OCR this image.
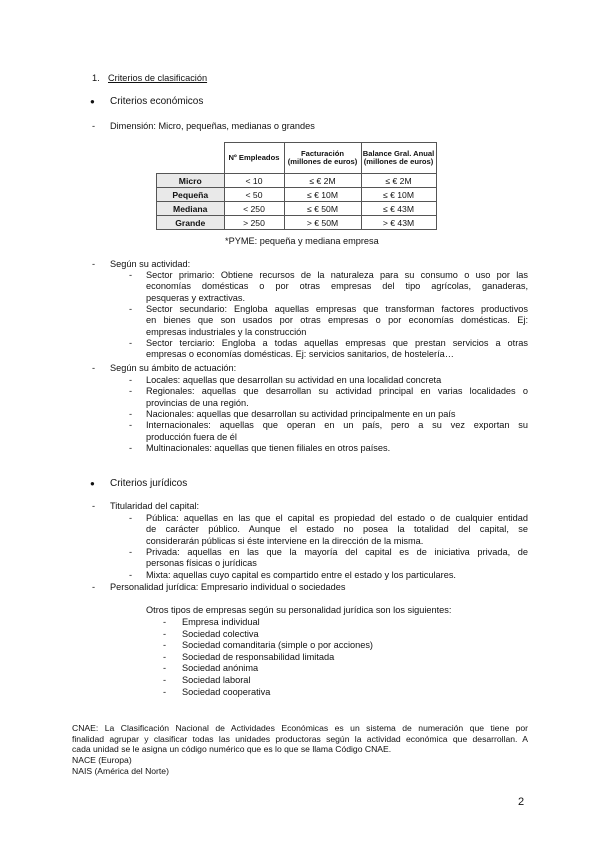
1. Criterios de clasificación
● Criterios económicos
- Dimensión: Micro, pequeñas, medianas o grandes
	Nº Empleados	Facturación (millones de euros)	Balance Gral. Anual (millones de euros)
Micro	< 10	≤ € 2M	≤ € 2M
Pequeña	< 50	≤ € 10M	≤ € 10M
Mediana	< 250	≤ € 50M	≤ € 43M
Grande	> 250	> € 50M	> € 43M
*PYME: pequeña y mediana empresa
- Según su actividad:
- Sector primario: Obtiene recursos de la naturaleza para su consumo o uso por las
economías domésticas o por otras empresas del tipo agrícolas, ganaderas,
pesqueras y extractivas.
- Sector secundario: Engloba aquellas empresas que transforman factores productivos
en bienes que son usados por otras empresas o por economías domésticas. Ej:
empresas industriales y la construcción
- Sector terciario: Engloba a todas aquellas empresas que prestan servicios a otras
empresas o economías domésticas. Ej: servicios sanitarios, de hostelería…
- Según su ámbito de actuación:
- Locales: aquellas que desarrollan su actividad en una localidad concreta
- Regionales: aquellas que desarrollan su actividad principal en varias localidades o
provincias de una región.
- Nacionales: aquellas que desarrollan su actividad principalmente en un país
- Internacionales: aquellas que operan en un país, pero a su vez exportan su
producción fuera de él
- Multinacionales: aquellas que tienen filiales en otros países.
● Criterios jurídicos
- Titularidad del capital:
- Pública: aquellas en las que el capital es propiedad del estado o de cualquier entidad
de carácter público. Aunque el estado no posea la totalidad del capital, se
considerarán públicas si éste interviene en la dirección de la misma.
- Privada: aquellas en las que la mayoría del capital es de iniciativa privada, de
personas físicas o jurídicas
- Mixta: aquellas cuyo capital es compartido entre el estado y los particulares.
- Personalidad jurídica: Empresario individual o sociedades
Otros tipos de empresas según su personalidad jurídica son los siguientes:
- Empresa individual
- Sociedad colectiva
- Sociedad comanditaria (simple o por acciones)
- Sociedad de responsabilidad limitada
- Sociedad anónima
- Sociedad laboral
- Sociedad cooperativa
CNAE: La Clasificación Nacional de Actividades Económicas es un sistema de numeración que tiene por
finalidad agrupar y clasificar todas las unidades productoras según la actividad económica que desarrollan. A
cada unidad se le asigna un código numérico que es lo que se llama Código CNAE.
NACE (Europa)
NAIS (América del Norte)
2
